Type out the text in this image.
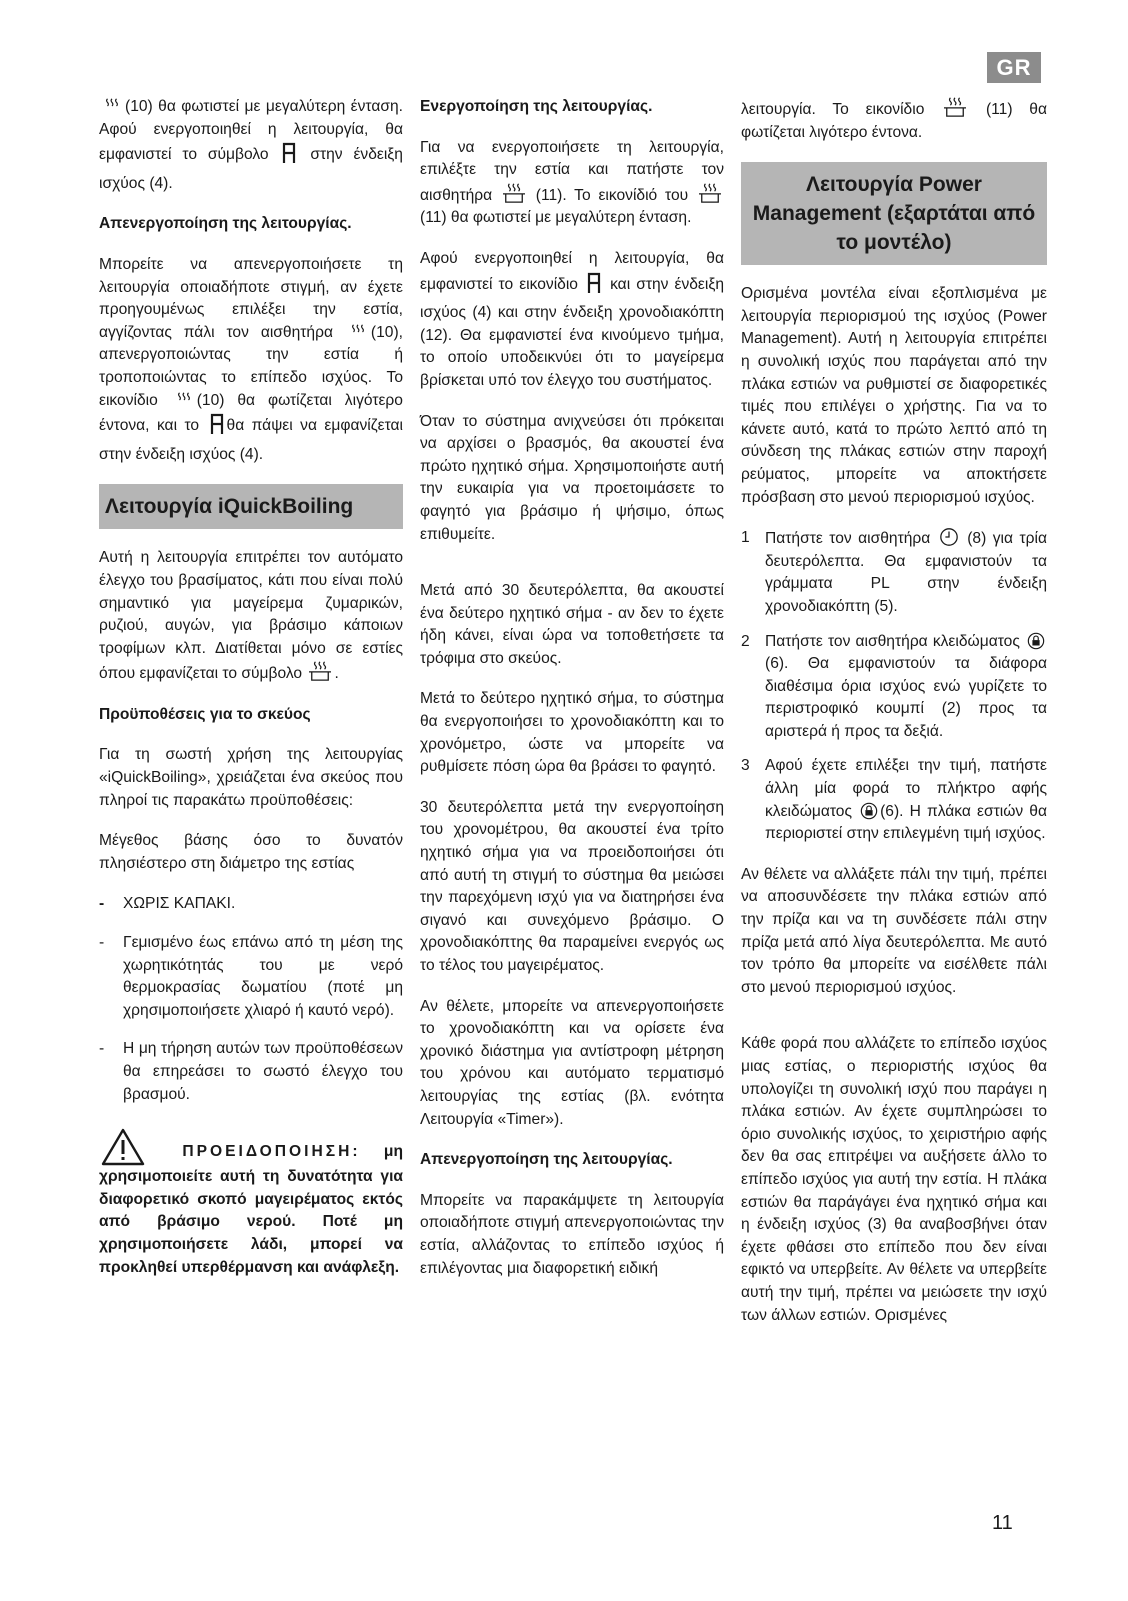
GR

(10) θα φωτιστεί με μεγαλύτερη ένταση. Αφού ενεργοποιηθεί η λειτουργία, θα εμφανιστεί το σύμβολο	στην ένδειξη ισχύος (4).

Απενεργοποίηση της λειτουργίας.

Μπορείτε να απενεργοποιήσετε τη λειτουργία οποιαδήποτε στιγμή, αν έχετε προηγουμένως επιλέξει την εστία, αγγίζοντας πάλι τον αισθητήρα (10), απενεργοποιώντας την εστία ή τροποποιώντας το επίπεδο ισχύος. Το εικονίδιο (10) θα φωτίζεται λιγότερο έντονα, και το θα πάψει να εμφανίζεται στην ένδειξη ισχύος (4).

Λειτουργία iQuickBoiling

Αυτή η λειτουργία επιτρέπει τον αυτόματο έλεγχο του βρασίματος, κάτι που είναι πολύ σημαντικό για μαγείρεμα ζυμαρικών, ρυζιού, αυγών, για βράσιμο κάποιων τροφίμων κλπ. Διατίθεται μόνο σε εστίες όπου εμφανίζεται το σύμβολο .

Προϋποθέσεις για το σκεύος

Για τη σωστή χρήση της λειτουργίας «iQuickBoiling», χρειάζεται ένα σκεύος που πληροί τις παρακάτω προϋποθέσεις:

Μέγεθος βάσης όσο το δυνατόν πλησιέστερο στη διάμετρο της εστίας

-	ΧΩΡΙΣ ΚΑΠΑΚΙ.
-	Γεμισμένο έως επάνω από τη μέση της χωρητικότητάς του με νερό θερμοκρασίας δωματίου (ποτέ μη χρησιμοποιήσετε χλιαρό ή καυτό νερό).
-	Η μη τήρηση αυτών των προϋποθέσεων θα επηρεάσει το σωστό έλεγχο του βρασμού.
ΠΡΟΕΙΔΟΠΟΙΗΣΗ: μη χρησιμοποιείτε αυτή τη δυνατότητα για διαφορετικό σκοπό μαγειρέματος εκτός από βράσιμο νερού. Ποτέ μη χρησιμοποιήσετε λάδι, μπορεί να προκληθεί υπερθέρμανση και ανάφλεξη.
Ενεργοποίηση της λειτουργίας.

Για να ενεργοποιήσετε τη λειτουργία, επιλέξτε την εστία και πατήστε τον αισθητήρα	(11). Το εικονίδιό του
(11) θα φωτιστεί με μεγαλύτερη ένταση.

Αφού ενεργοποιηθεί η λειτουργία, θα εμφανιστεί το εικονίδιο και στην ένδειξη ισχύος (4) και στην ένδειξη χρονοδιακόπτη (12). Θα εμφανιστεί ένα κινούμενο τμήμα, το οποίο υποδεικνύει ότι το μαγείρεμα βρίσκεται υπό τον έλεγχο του συστήματος.

Όταν το σύστημα ανιχνεύσει ότι πρόκειται να αρχίσει ο βρασμός, θα ακουστεί ένα πρώτο ηχητικό σήμα. Χρησιμοποιήστε αυτή την ευκαιρία για να προετοιμάσετε το φαγητό για βράσιμο ή ψήσιμο, όπως επιθυμείτε.

Μετά από 30 δευτερόλεπτα, θα ακουστεί ένα δεύτερο ηχητικό σήμα - αν δεν το έχετε ήδη κάνει, είναι ώρα να τοποθετήσετε τα τρόφιμα στο σκεύος.

Μετά το δεύτερο ηχητικό σήμα, το σύστημα θα ενεργοποιήσει το χρονοδιακόπτη και το χρονόμετρο, ώστε να μπορείτε να ρυθμίσετε πόση ώρα θα βράσει το φαγητό.

30 δευτερόλεπτα μετά την ενεργοποίηση του χρονομέτρου, θα ακουστεί ένα τρίτο ηχητικό σήμα για να προειδοποιήσει ότι από αυτή τη στιγμή το σύστημα θα μειώσει την παρεχόμενη ισχύ για να διατηρήσει ένα σιγανό και συνεχόμενο βράσιμο. Ο χρονοδιακόπτης θα παραμείνει ενεργός ως το τέλος του μαγειρέματος.

Αν θέλετε, μπορείτε να απενεργοποιήσετε το χρονοδιακόπτη και να ορίσετε ένα χρονικό διάστημα για αντίστροφη μέτρηση του χρόνου και αυτόματο τερματισμό λειτουργίας της εστίας (βλ. ενότητα Λειτουργία «Timer»).

Απενεργοποίηση της λειτουργίας.

Μπορείτε να παρακάμψετε τη λειτουργία οποιαδήποτε στιγμή απενεργοποιώντας την εστία, αλλάζοντας το επίπεδο ισχύος ή επιλέγοντας μια διαφορετική ειδική

λειτουργία. Το εικονίδιο	(11) θα φωτίζεται λιγότερο έντονα.

Λειτουργία Power Management (εξαρτάται από το μοντέλο)

Ορισμένα μοντέλα είναι εξοπλισμένα με λειτουργία περιορισμού της ισχύος (Power Management). Αυτή η λειτουργία επιτρέπει η συνολική ισχύς που παράγεται από την πλάκα εστιών να ρυθμιστεί σε διαφορετικές τιμές που επιλέγει ο χρήστης. Για να το κάνετε αυτό, κατά το πρώτο λεπτό από τη σύνδεση της πλάκας εστιών στην παροχή ρεύματος, μπορείτε να αποκτήσετε πρόσβαση στο μενού περιορισμού ισχύος.

1 Πατήστε τον αισθητήρα (8) για τρία δευτερόλεπτα. Θα εμφανιστούν τα γράμματα PL στην ένδειξη χρονοδιακόπτη (5).
2 Πατήστε τον αισθητήρα κλειδώματος
(6). Θα εμφανιστούν τα διάφορα διαθέσιμα όρια ισχύος ενώ γυρίζετε το περιστροφικό κουμπί (2) προς τα αριστερά ή προς τα δεξιά.
3 Αφού έχετε επιλέξει την τιμή, πατήστε άλλη μία φορά το πλήκτρο αφής κλειδώματος (6). Η πλάκα εστιών θα περιοριστεί στην επιλεγμένη τιμή ισχύος.

Αν θέλετε να αλλάξετε πάλι την τιμή, πρέπει να αποσυνδέσετε την πλάκα εστιών από την πρίζα και να τη συνδέσετε πάλι στην πρίζα μετά από λίγα δευτερόλεπτα. Με αυτό τον τρόπο θα μπορείτε να εισέλθετε πάλι στο μενού περιορισμού ισχύος.

Κάθε φορά που αλλάζετε το επίπεδο ισχύος μιας εστίας, ο περιοριστής ισχύος θα υπολογίζει τη συνολική ισχύ που παράγει η πλάκα εστιών. Αν έχετε συμπληρώσει το όριο συνολικής ισχύος, το χειριστήριο αφής δεν θα σας επιτρέψει να αυξήσετε άλλο το επίπεδο ισχύος για αυτή την εστία. Η πλάκα εστιών θα παράγάγει ένα ηχητικό σήμα και η ένδειξη ισχύος (3) θα αναβοσβήνει όταν έχετε φθάσει στο επίπεδο που δεν είναι εφικτό να υπερβείτε. Αν θέλετε να υπερβείτε αυτή την τιμή, πρέπει να μειώσετε την ισχύ των άλλων εστιών. Ορισμένες

11
